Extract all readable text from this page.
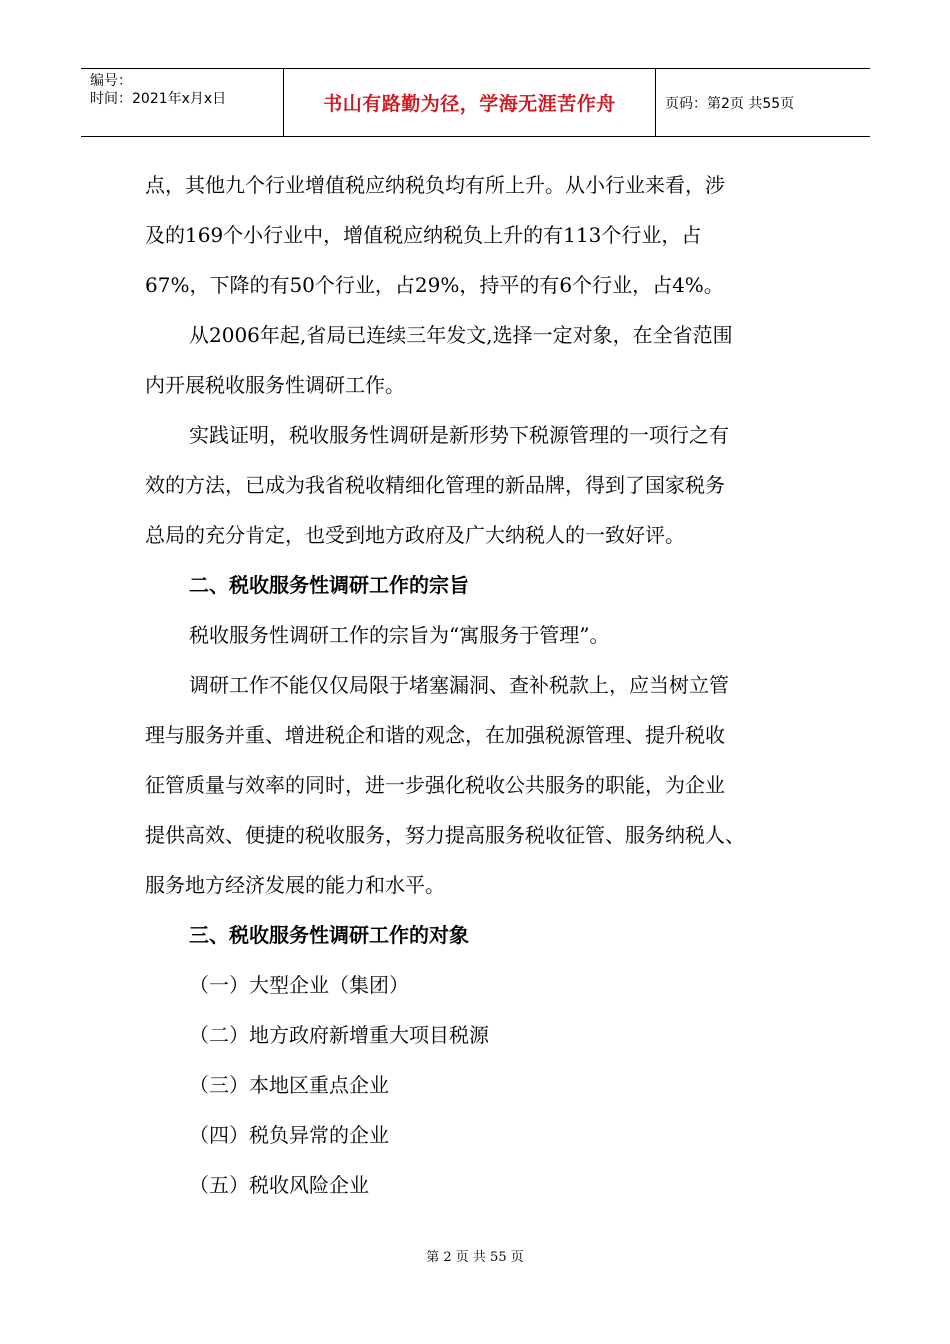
编号：
时间：2021年x月x日	书山有路勤为径，学海无涯苦作舟	页码：第2页 共55页

点，其他九个行业增值税应纳税负均有所上升。从小行业来看，涉

及的169个小行业中，增值税应纳税负上升的有113个行业，占

67%，下降的有50个行业，占29%，持平的有6个行业，占4%。

从2006年起,省局已连续三年发文,选择一定对象，在全省范围

内开展税收服务性调研工作。

实践证明，税收服务性调研是新形势下税源管理的一项行之有

效的方法，已成为我省税收精细化管理的新品牌，得到了国家税务

总局的充分肯定，也受到地方政府及广大纳税人的一致好评。

二、税收服务性调研工作的宗旨

税收服务性调研工作的宗旨为“寓服务于管理”。

调研工作不能仅仅局限于堵塞漏洞、查补税款上，应当树立管

理与服务并重、增进税企和谐的观念，在加强税源管理、提升税收

征管质量与效率的同时，进一步强化税收公共服务的职能，为企业

提供高效、便捷的税收服务，努力提高服务税收征管、服务纳税人、

服务地方经济发展的能力和水平。

三、税收服务性调研工作的对象

（一）大型企业（集团）

（二）地方政府新增重大项目税源

（三）本地区重点企业

（四）税负异常的企业

（五）税收风险企业

第 2 页 共 55 页
